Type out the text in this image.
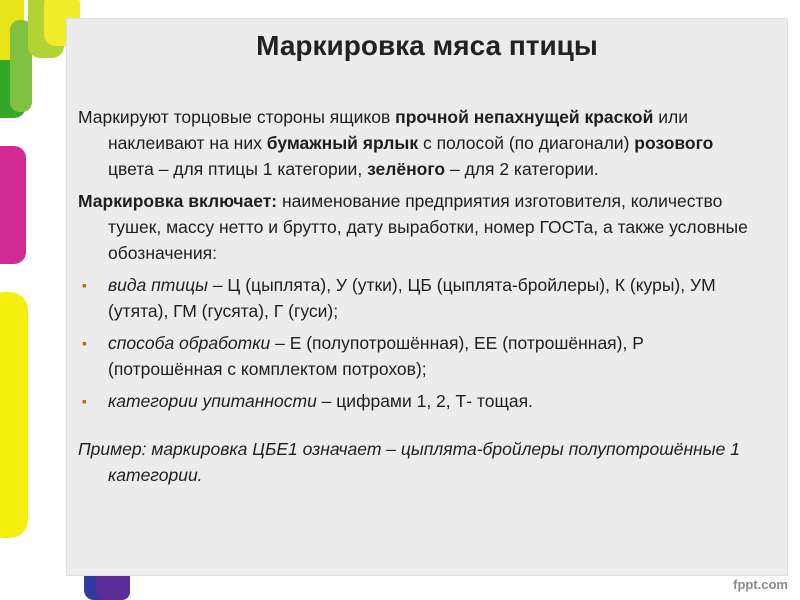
Маркировка мяса птицы

Маркируют торцовые стороны ящиков прочной непахнущей краской или наклеивают на них бумажный ярлык с полосой (по диагонали) розового цвета – для птицы 1 категории, зелёного – для 2 категории.

Маркировка включает: наименование предприятия изготовителя, количество тушек, массу нетто и брутто, дату выработки, номер ГОСТа, а также условные обозначения:

▪ вида птицы – Ц (цыплята), У (утки), ЦБ (цыплята-бройлеры), К (куры), УМ (утята), ГМ (гусята), Г (гуси);
▪ способа обработки – Е (полупотрошённая), ЕЕ (потрошённая), Р (потрошённая с комплектом потрохов);
▪ категории упитанности – цифрами 1, 2, Т- тощая.

Пример: маркировка ЦБЕ1 означает – цыплята-бройлеры полупотрошённые 1 категории.

fppt.com
